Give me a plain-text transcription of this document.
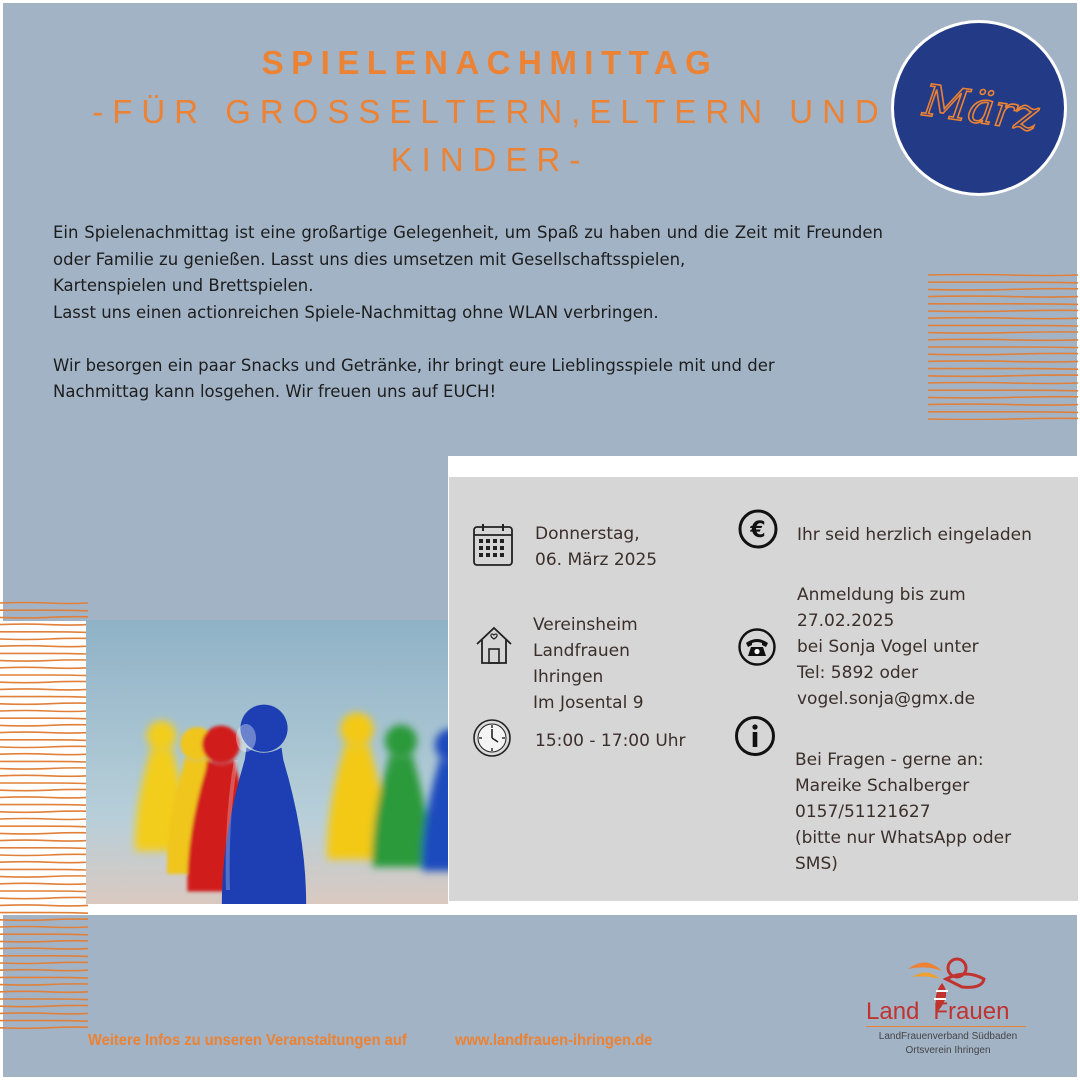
SPIELENACHMITTAG
-FÜR GROSSELTERN,ELTERN UND
KINDER-
März

Ein Spielenachmittag ist eine großartige Gelegenheit, um Spaß zu haben und die Zeit mit Freunden oder Familie zu genießen. Lasst uns dies umsetzen mit Gesellschaftsspielen,
Kartenspielen und Brettspielen.
Lasst uns einen actionreichen Spiele-Nachmittag ohne WLAN verbringen.

Wir besorgen ein paar Snacks und Getränke, ihr bringt eure Lieblingsspiele mit und der
Nachmittag kann losgehen. Wir freuen uns auf EUCH!

Donnerstag,
06. März 2025
Vereinsheim
Landfrauen
Ihringen
Im Josental 9
15:00 - 17:00 Uhr
€ Ihr seid herzlich eingeladen
Anmeldung bis zum
27.02.2025
bei Sonja Vogel unter
Tel: 5892 oder
vogel.sonja@gmx.de
Bei Fragen - gerne an:
Mareike Schalberger
0157/51121627
(bitte nur WhatsApp oder
SMS)
Weitere Infos zu unseren Veranstaltungen auf	www.landfrauen-ihringen.de
Land Frauen
LandFrauenverband Südbaden
Ortsverein Ihringen
